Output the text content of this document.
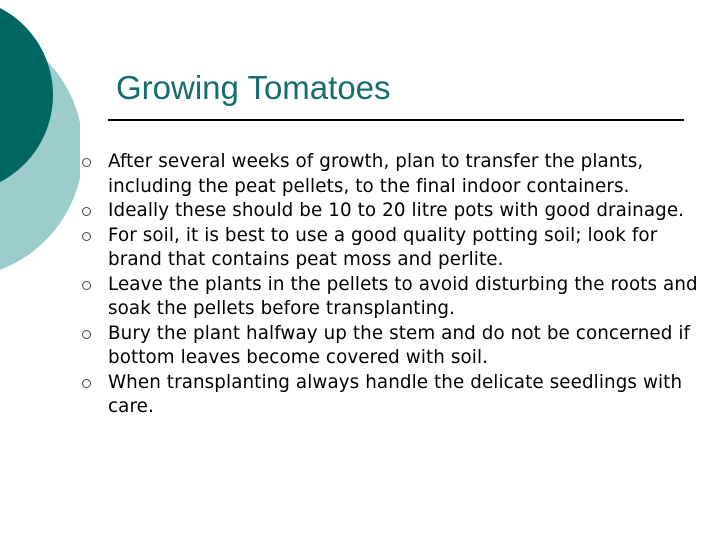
Growing Tomatoes
After several weeks of growth, plan to transfer the plants, including the peat pellets, to the final indoor containers.
Ideally these should be 10 to 20 litre pots with good drainage.
For soil, it is best to use a good quality potting soil; look for brand that contains peat moss and perlite.
Leave the plants in the pellets to avoid disturbing the roots and soak the pellets before transplanting.
Bury the plant halfway up the stem and do not be concerned if bottom leaves become covered with soil.
When transplanting always handle the delicate seedlings with care.
